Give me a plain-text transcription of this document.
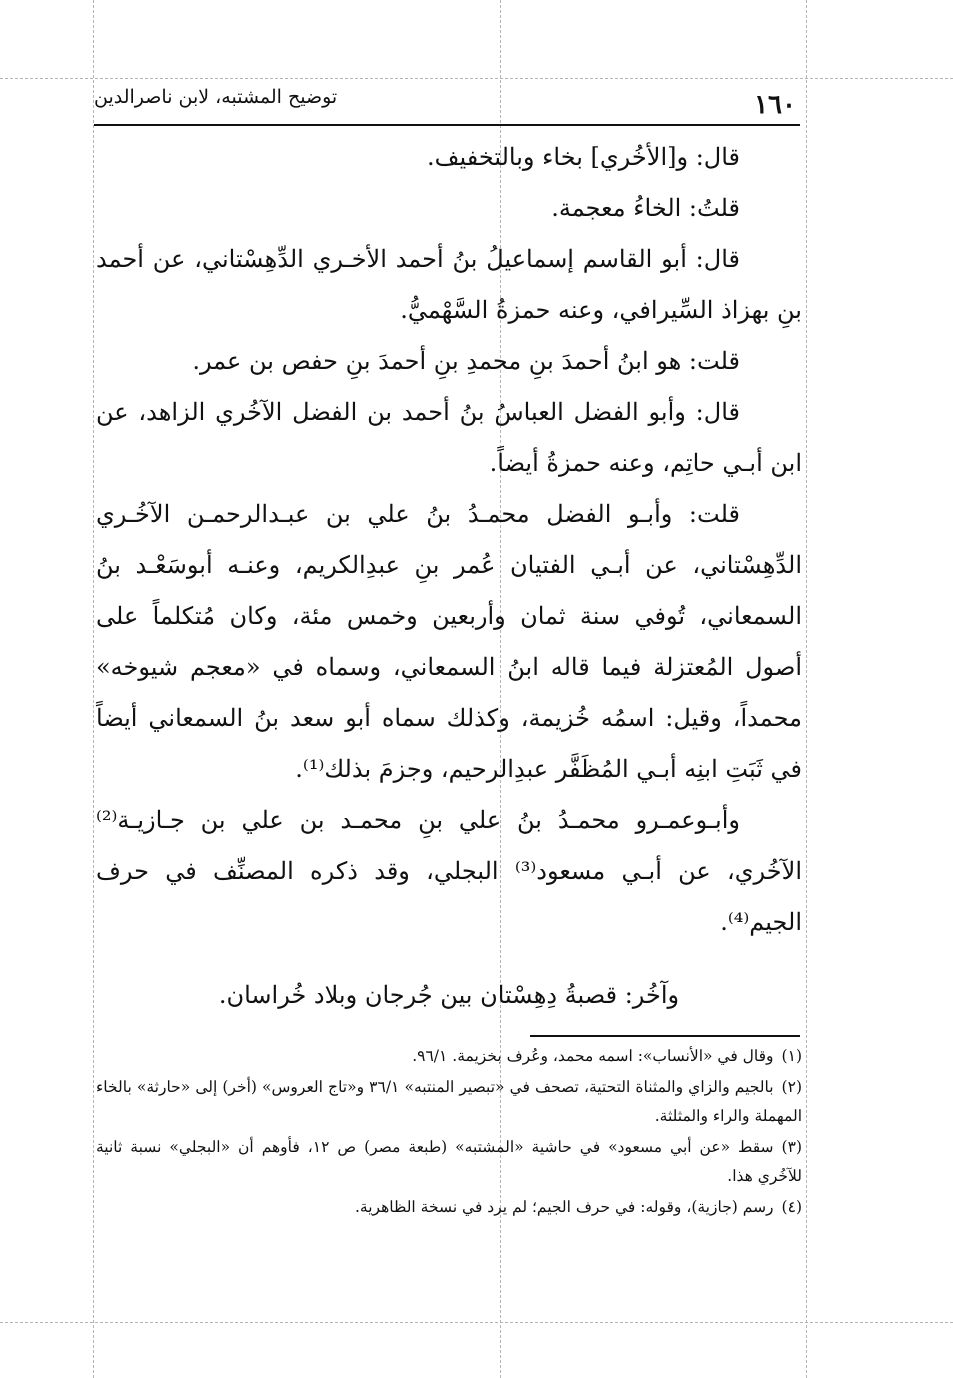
١٦٠
توضيح المشتبه، لابن ناصرالدين

قال: و[الأخُري] بخاء وبالتخفيف.

قلتُ: الخاءُ معجمة.

قال: أبو القاسم إسماعيلُ بنُ أحمد الأخـري الدِّهِسْتاني، عن أحمد بنِ بهزاذ السِّيرافي، وعنه حمزةُ السَّهْميُّ.

قلت: هو ابنُ أحمدَ بنِ محمدِ بنِ أحمدَ بنِ حفص بن عمر.

قال: وأبو الفضل العباسُ بنُ أحمد بن الفضل الآخُري الزاهد، عن ابن أبـي حاتِم، وعنه حمزةُ أيضاً.

قلت: وأبـو الفضل محمـدُ بنُ علي بن عبـدالرحمـن الآخُـري الدِّهِسْتاني، عن أبـي الفتيان عُمر بنِ عبدِالكريم، وعنـه أبوسَعْـد بنُ السمعاني، تُوفي سنة ثمان وأربعين وخمس مئة، وكان مُتكلماً على أصول المُعتزلة فيما قاله ابنُ السمعاني، وسماه في «معجم شيوخه» محمداً، وقيل: اسمُه خُزيمة، وكذلك سماه أبو سعد بنُ السمعاني أيضاً في ثَبَتِ ابنِه أبـي المُظَفَّر عبدِالرحيم، وجزمَ بذلك⁽¹⁾.

وأبـوعمـرو محمـدُ بنُ علي بنِ محمـد بن علي بن جـازيـة⁽²⁾ الآخُري، عن أبـي مسعود⁽³⁾ البجلي، وقد ذكره المصنِّف في حرف الجيم⁽⁴⁾.

وآخُر: قصبةُ دِهِسْتان بين جُرجان وبلاد خُراسان.

(١)وقال في «الأنساب»: اسمه محمد، وعُرف بخزيمة. ٩٦/١.

(٢)بالجيم والزاي والمثناة التحتية، تصحف في «تبصير المنتبه» ٣٦/١ و«تاج العروس» (أخر) إلى «حارثة» بالخاء المهملة والراء والمثلثة.

(٣)سقط «عن أبي مسعود» في حاشية «المشتبه» (طبعة مصر) ص ١٢، فأوهم أن «البجلي» نسبة ثانية للآخُري هذا.

(٤)رسم (جازية)، وقوله: في حرف الجيم؛ لم يرد في نسخة الظاهرية.
